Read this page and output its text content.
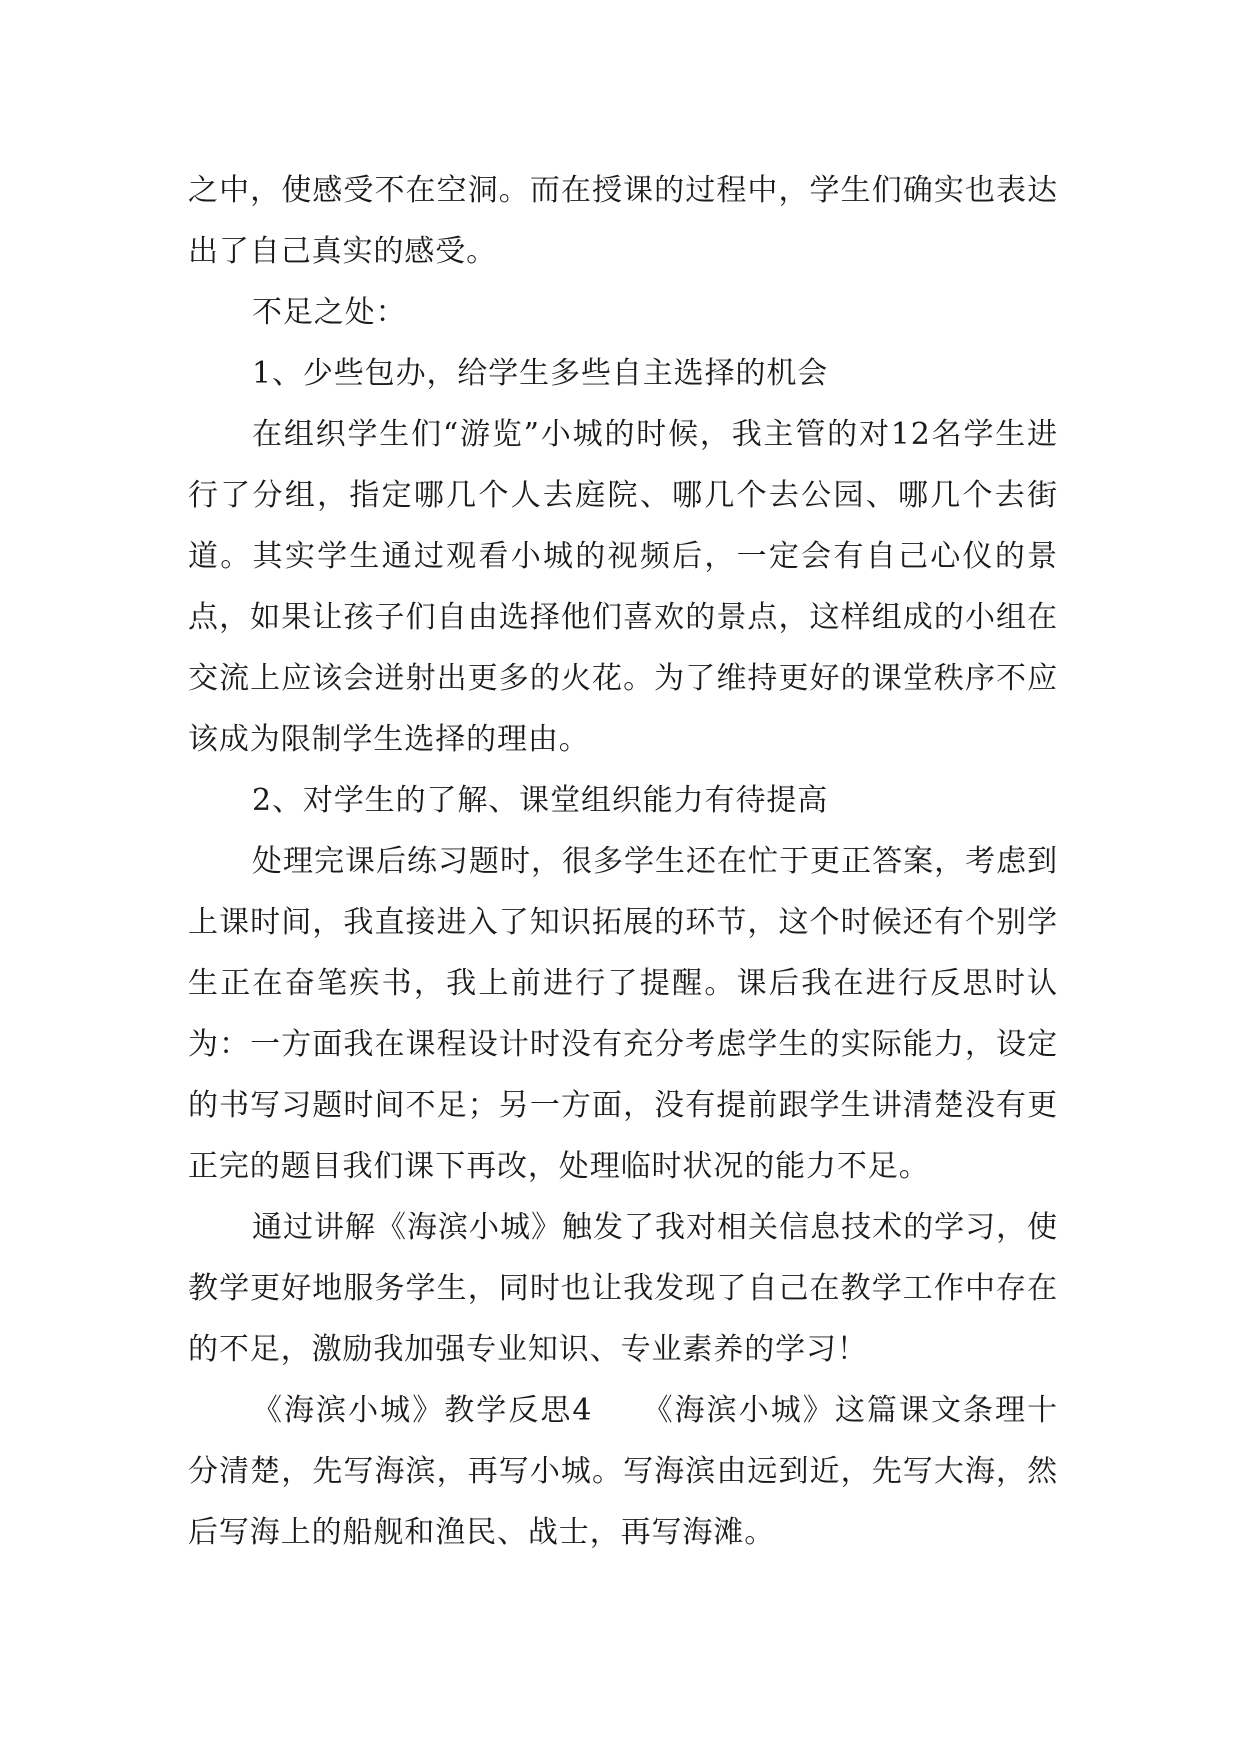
之中，使感受不在空洞。而在授课的过程中，学生们确实也表达出了自己真实的感受。

不足之处：

1、少些包办，给学生多些自主选择的机会

在组织学生们“游览”小城的时候，我主管的对12名学生进行了分组，指定哪几个人去庭院、哪几个去公园、哪几个去街道。其实学生通过观看小城的视频后，一定会有自己心仪的景点，如果让孩子们自由选择他们喜欢的景点，这样组成的小组在交流上应该会迸射出更多的火花。为了维持更好的课堂秩序不应该成为限制学生选择的理由。

2、对学生的了解、课堂组织能力有待提高

处理完课后练习题时，很多学生还在忙于更正答案，考虑到上课时间，我直接进入了知识拓展的环节，这个时候还有个别学生正在奋笔疾书，我上前进行了提醒。课后我在进行反思时认为：一方面我在课程设计时没有充分考虑学生的实际能力，设定的书写习题时间不足；另一方面，没有提前跟学生讲清楚没有更正完的题目我们课下再改，处理临时状况的能力不足。

通过讲解《海滨小城》触发了我对相关信息技术的学习，使教学更好地服务学生，同时也让我发现了自己在教学工作中存在的不足，激励我加强专业知识、专业素养的学习！

《海滨小城》教学反思4　　《海滨小城》这篇课文条理十分清楚，先写海滨，再写小城。写海滨由远到近，先写大海，然后写海上的船舰和渔民、战士，再写海滩。
